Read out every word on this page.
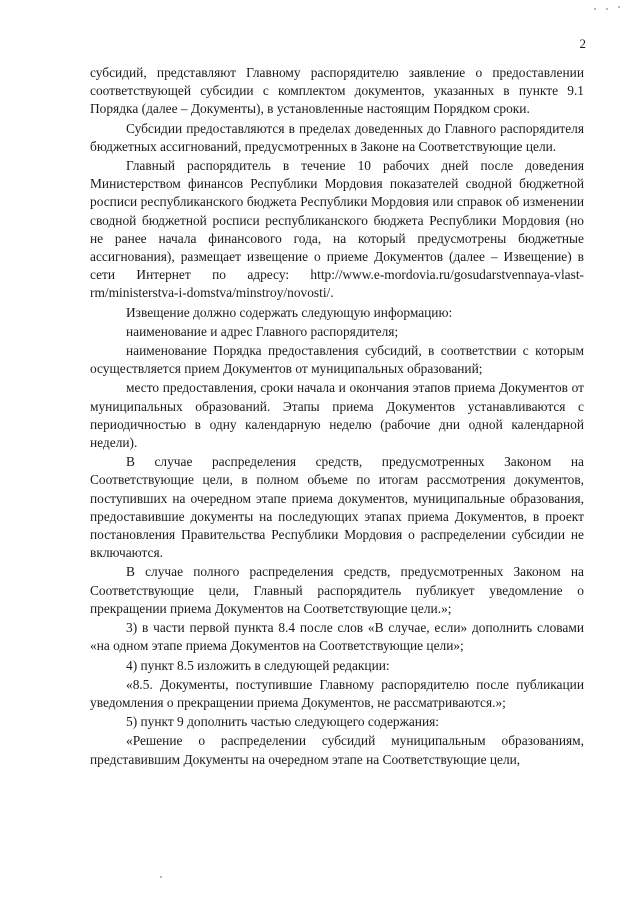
2

субсидий, представляют Главному распорядителю заявление о предоставлении соответствующей субсидии с комплектом документов, указанных в пункте 9.1 Порядка (далее – Документы), в установленные настоящим Порядком сроки.

Субсидии предоставляются в пределах доведенных до Главного распорядителя бюджетных ассигнований, предусмотренных в Законе на Соответствующие цели.

Главный распорядитель в течение 10 рабочих дней после доведения Министерством финансов Республики Мордовия показателей сводной бюджетной росписи республиканского бюджета Республики Мордовия или справок об изменении сводной бюджетной росписи республиканского бюджета Республики Мордовия (но не ранее начала финансового года, на который предусмотрены бюджетные ассигнования), размещает извещение о приеме Документов (далее – Извещение) в сети Интернет по адресу: http://www.e-mordovia.ru/gosudarstvennaya-vlast-rm/ministerstva-i-domstva/minstroy/novosti/.

Извещение должно содержать следующую информацию:

наименование и адрес Главного распорядителя;

наименование Порядка предоставления субсидий, в соответствии с которым осуществляется прием Документов от муниципальных образований;

место предоставления, сроки начала и окончания этапов приема Документов от муниципальных образований. Этапы приема Документов устанавливаются с периодичностью в одну календарную неделю (рабочие дни одной календарной недели).

В случае распределения средств, предусмотренных Законом на Соответствующие цели, в полном объеме по итогам рассмотрения документов, поступивших на очередном этапе приема документов, муниципальные образования, предоставившие документы на последующих этапах приема Документов, в проект постановления Правительства Республики Мордовия о распределении субсидии не включаются.

В случае полного распределения средств, предусмотренных Законом на Соответствующие цели, Главный распорядитель публикует уведомление о прекращении приема Документов на Соответствующие цели.»;

3) в части первой пункта 8.4 после слов «В случае, если» дополнить словами «на одном этапе приема Документов на Соответствующие цели»;

4) пункт 8.5 изложить в следующей редакции:

«8.5. Документы, поступившие Главному распорядителю после публикации уведомления о прекращении приема Документов, не рассматриваются.»;

5) пункт 9 дополнить частью следующего содержания:

«Решение о распределении субсидий муниципальным образованиям, представившим Документы на очередном этапе на Соответствующие цели,
